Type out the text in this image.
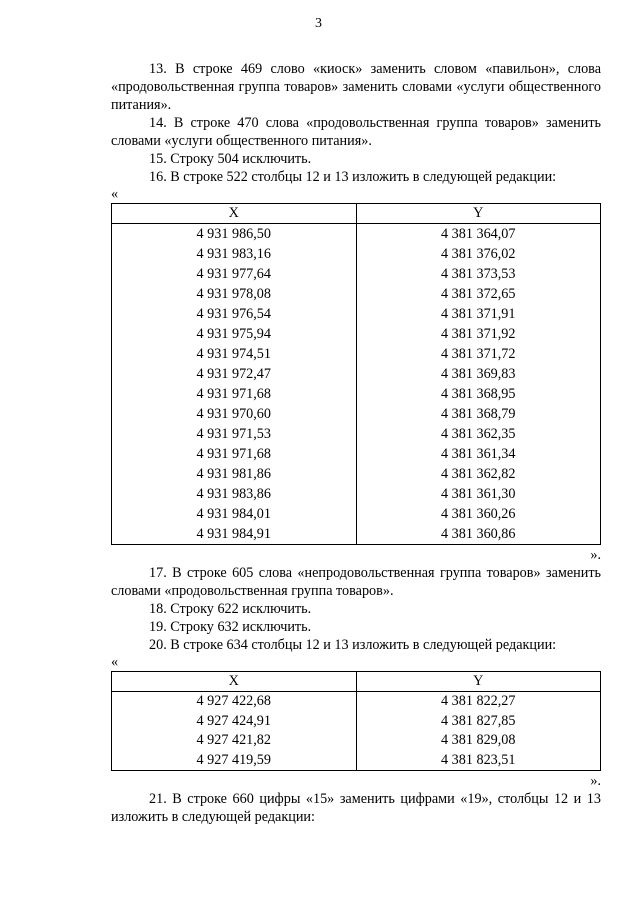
3

13. В строке 469 слово «киоск» заменить словом «павильон», слова «продовольственная группа товаров» заменить словами «услуги общественного питания».

14. В строке 470 слова «продовольственная группа товаров» заменить словами «услуги общественного питания».

15. Строку 504 исключить.

16. В строке 522 столбцы 12 и 13 изложить в следующей редакции:

«

X	Y
4 931 986,50	4 381 364,07
4 931 983,16	4 381 376,02
4 931 977,64	4 381 373,53
4 931 978,08	4 381 372,65
4 931 976,54	4 381 371,91
4 931 975,94	4 381 371,92
4 931 974,51	4 381 371,72
4 931 972,47	4 381 369,83
4 931 971,68	4 381 368,95
4 931 970,60	4 381 368,79
4 931 971,53	4 381 362,35
4 931 971,68	4 381 361,34
4 931 981,86	4 381 362,82
4 931 983,86	4 381 361,30
4 931 984,01	4 381 360,26
4 931 984,91	4 381 360,86

».

17. В строке 605 слова «непродовольственная группа товаров» заменить словами «продовольственная группа товаров».

18. Строку 622 исключить.

19. Строку 632 исключить.

20. В строке 634 столбцы 12 и 13 изложить в следующей редакции:

«

X	Y
4 927 422,68	4 381 822,27
4 927 424,91	4 381 827,85
4 927 421,82	4 381 829,08
4 927 419,59	4 381 823,51

».

21. В строке 660 цифры «15» заменить цифрами «19», столбцы 12 и 13 изложить в следующей редакции:
